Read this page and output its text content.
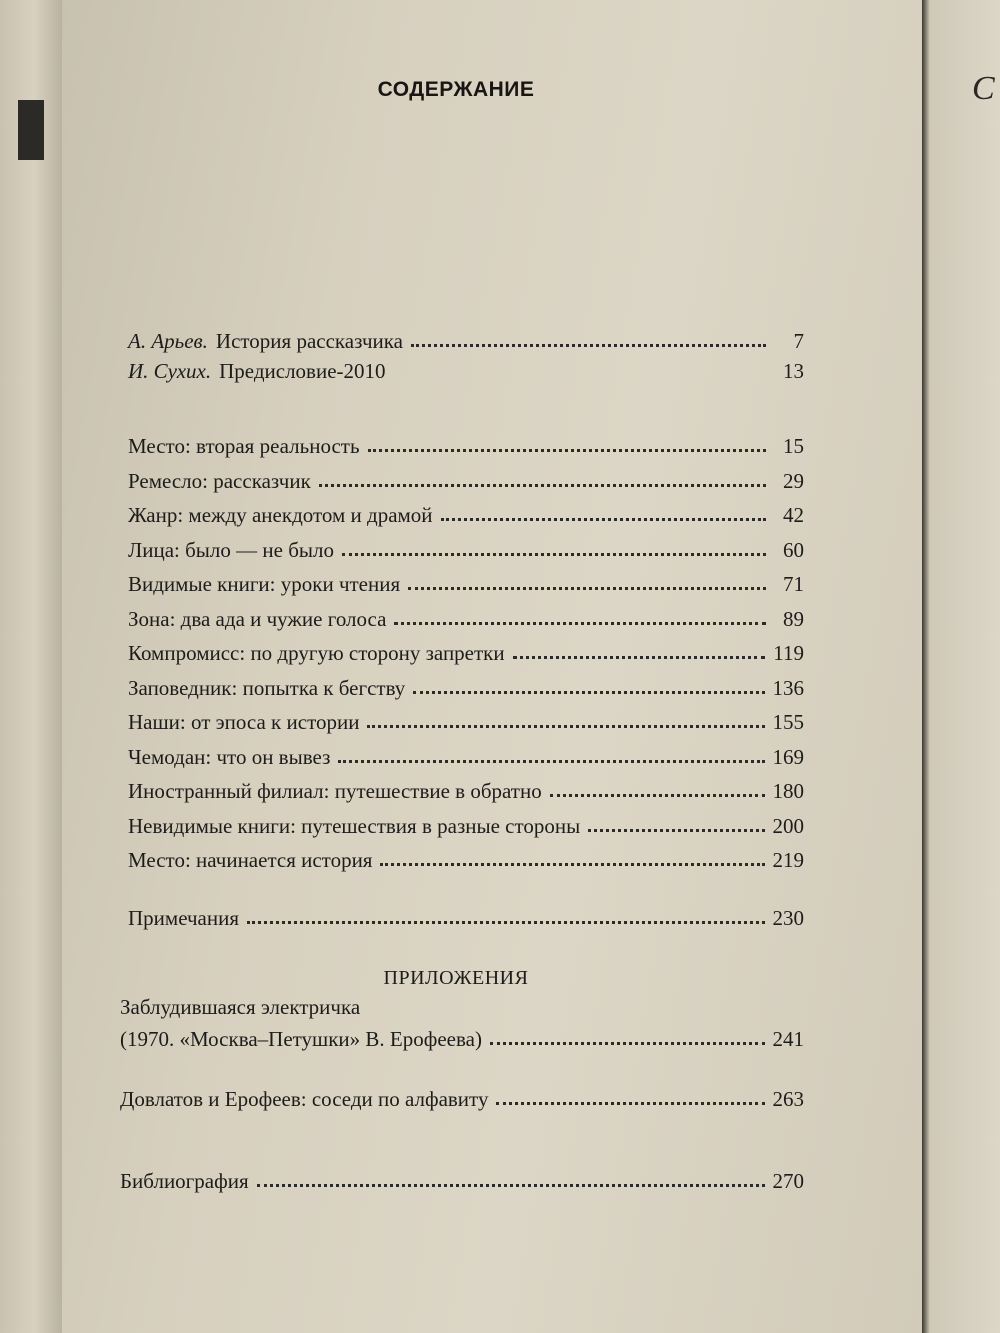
С
СОДЕРЖАНИЕ
А. Арьев. История рассказчика	7
И. Сухих. Предисловие-2010	13
Место: вторая реальность	15
Ремесло: рассказчик	29
Жанр: между анекдотом и драмой	42
Лица: было — не было	60
Видимые книги: уроки чтения	71
Зона: два ада и чужие голоса	89
Компромисс: по другую сторону запретки	119
Заповедник: попытка к бегству	136
Наши: от эпоса к истории	155
Чемодан: что он вывез	169
Иностранный филиал: путешествие в обратно	180
Невидимые книги: путешествия в разные стороны	200
Место: начинается история	219
Примечания	230
ПРИЛОЖЕНИЯ
Заблудившаяся электричка
(1970. «Москва–Петушки» В. Ерофеева)	241
Довлатов и Ерофеев: соседи по алфавиту	263
Библиография	270
